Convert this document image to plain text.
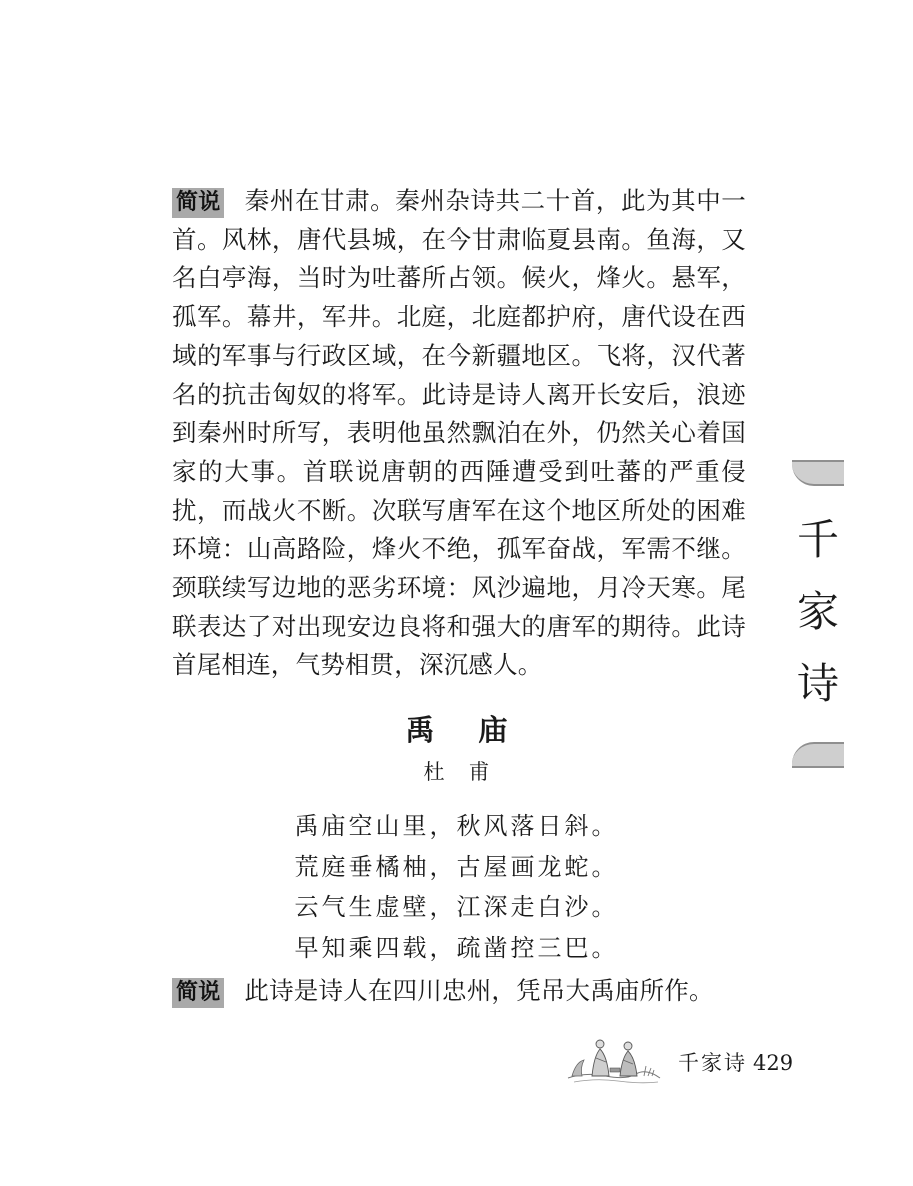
简说 秦州在甘肃。秦州杂诗共二十首，此为其中一首。风林，唐代县城，在今甘肃临夏县南。鱼海，又名白亭海，当时为吐蕃所占领。候火，烽火。悬军，孤军。幕井，军井。北庭，北庭都护府，唐代设在西域的军事与行政区域，在今新疆地区。飞将，汉代著名的抗击匈奴的将军。此诗是诗人离开长安后，浪迹到秦州时所写，表明他虽然飘泊在外，仍然关心着国家的大事。首联说唐朝的西陲遭受到吐蕃的严重侵扰，而战火不断。次联写唐军在这个地区所处的困难环境：山高路险，烽火不绝，孤军奋战，军需不继。颈联续写边地的恶劣环境：风沙遍地，月冷天寒。尾联表达了对出现安边良将和强大的唐军的期待。此诗首尾相连，气势相贯，深沉感人。

禹庙
杜甫
禹庙空山里，秋风落日斜。
荒庭垂橘柚，古屋画龙蛇。
云气生虚壁，江深走白沙。
早知乘四载，疏凿控三巴。

简说 此诗是诗人在四川忠州，凭吊大禹庙所作。

千
家
诗
千家诗 429
